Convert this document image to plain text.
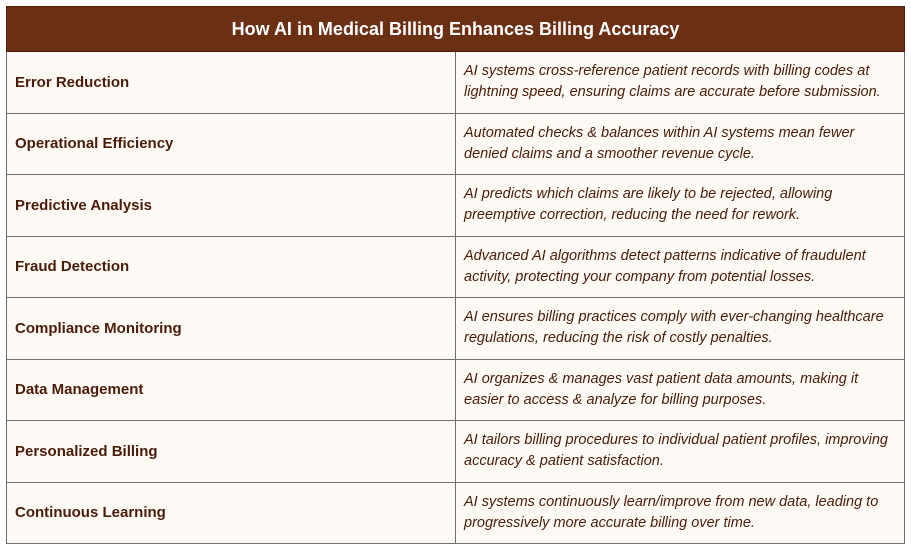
How AI in Medical Billing Enhances Billing Accuracy	
Error Reduction	AI systems cross-reference patient records with billing codes at lightning speed, ensuring claims are accurate before submission.
Operational Efficiency	Automated checks & balances within AI systems mean fewer denied claims and a smoother revenue cycle.
Predictive Analysis	AI predicts which claims are likely to be rejected, allowing preemptive correction, reducing the need for rework.
Fraud Detection	Advanced AI algorithms detect patterns indicative of fraudulent activity, protecting your company from potential losses.
Compliance Monitoring	AI ensures billing practices comply with ever-changing healthcare regulations, reducing the risk of costly penalties.
Data Management	AI organizes & manages vast patient data amounts, making it easier to access & analyze for billing purposes.
Personalized Billing	AI tailors billing procedures to individual patient profiles, improving accuracy & patient satisfaction.
Continuous Learning	AI systems continuously learn/improve from new data, leading to progressively more accurate billing over time.
